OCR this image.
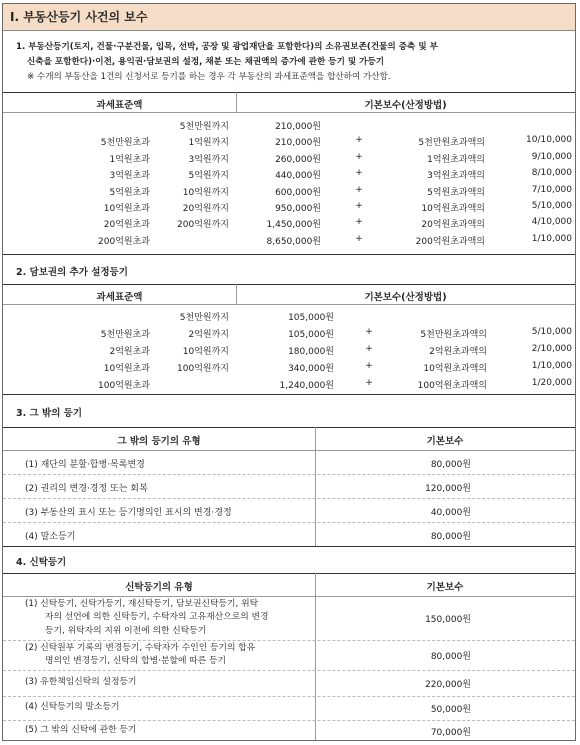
Ⅰ. 부동산등기 사건의 보수
1. 부동산등기(토지, 건물·구분건물, 입목, 선박, 공장 및 광업재단을 포함한다)의 소유권보존(건물의 증축 및 부
신축을 포함한다)·이전, 용익권·담보권의 설정, 채분 또는 채권액의 증가에 관한 등기 및 가등기
※ 수개의 부동산을 1건의 신청서로 등기를 하는 경우 각 부동산의 과세표준액을 합산하여 가산함.
과세표준액	기본보수(산정방법)
5천만원까지	210,000원
5천만원초과	1억원까지	210,000원	+	5천만원초과액의	10/10,000
1억원초과	3억원까지	260,000원	+	1억원초과액의	9/10,000
3억원초과	5억원까지	440,000원	+	3억원초과액의	8/10,000
5억원초과	10억원까지	600,000원	+	5억원초과액의	7/10,000
10억원초과	20억원까지	950,000원	+	10억원초과액의	5/10,000
20억원초과	200억원까지	1,450,000원	+	20억원초과액의	4/10,000
200억원초과	8,650,000원	+	200억원초과액의	1/10,000
2. 담보권의 추가 설정등기
과세표준액	기본보수(산정방법)
5천만원까지	105,000원
5천만원초과	2억원까지	105,000원	+	5천만원초과액의	5/10,000
2억원초과	10억원까지	180,000원	+	2억원초과액의	2/10,000
10억원초과	100억원까지	340,000원	+	10억원초과액의	1/10,000
100억원초과	1,240,000원	+	100억원초과액의	1/20,000
3. 그 밖의 등기
그 밖의 등기의 유형	기본보수
(1) 재단의 분할·합병·목록변경	80,000원
(2) 권리의 변경·경정 또는 회복	120,000원
(3) 부동산의 표시 또는 등기명의인 표시의 변경·경정	40,000원
(4) 말소등기	80,000원
4. 신탁등기
신탁등기의 유형	기본보수
(1) 신탁등기, 신탁가등기, 재신탁등기, 담보권신탁등기, 위탁
자의 선언에 의한 신탁등기, 수탁자의 고유재산으로의 변경
등기, 위탁자의 지위 이전에 의한 신탁등기
150,000원
(2) 신탁원부 기록의 변경등기, 수탁자가 수인인 등기의 합유
명의인 변경등기, 신탁의 합병·분할에 따른 등기	80,000원
(3) 유한책임신탁의 설정등기	220,000원
(4) 신탁등기의 말소등기	50,000원
(5) 그 밖의 신탁에 관한 등기	70,000원
